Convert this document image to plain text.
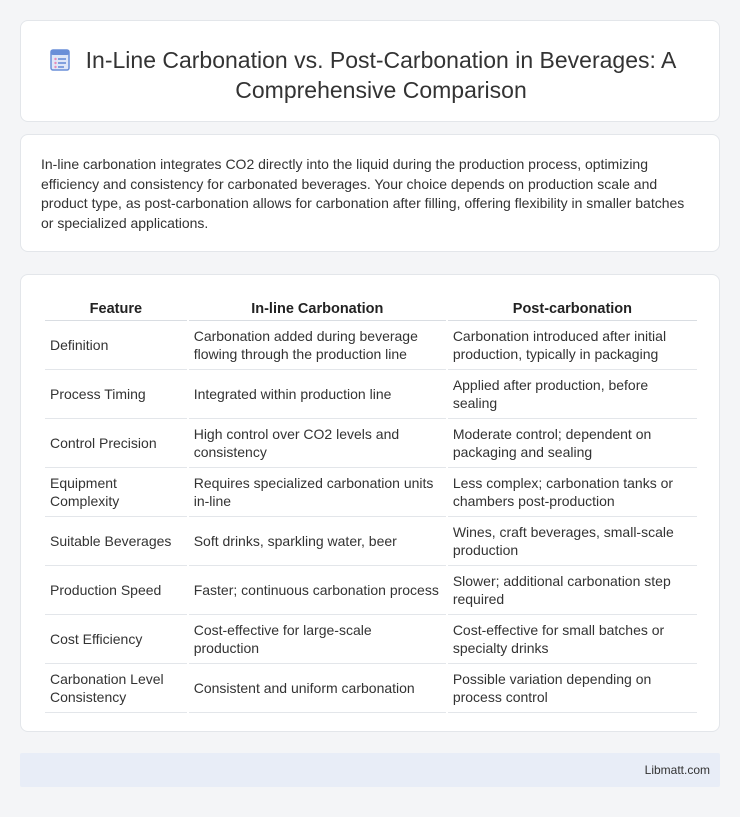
In-Line Carbonation vs. Post-Carbonation in Beverages: A Comprehensive Comparison

In-line carbonation integrates CO2 directly into the liquid during the production process, optimizing efficiency and consistency for carbonated beverages. Your choice depends on production scale and product type, as post-carbonation allows for carbonation after filling, offering flexibility in smaller batches or specialized applications.

Feature	In-line Carbonation	Post-carbonation
Definition	Carbonation added during beverage flowing through the production line	Carbonation introduced after initial production, typically in packaging
Process Timing	Integrated within production line	Applied after production, before sealing
Control Precision	High control over CO2 levels and consistency	Moderate control; dependent on packaging and sealing
Equipment Complexity	Requires specialized carbonation units in-line	Less complex; carbonation tanks or chambers post-production
Suitable Beverages	Soft drinks, sparkling water, beer	Wines, craft beverages, small-scale production
Production Speed	Faster; continuous carbonation process	Slower; additional carbonation step required
Cost Efficiency	Cost-effective for large-scale production	Cost-effective for small batches or specialty drinks
Carbonation Level Consistency	Consistent and uniform carbonation	Possible variation depending on process control
Libmatt.com
